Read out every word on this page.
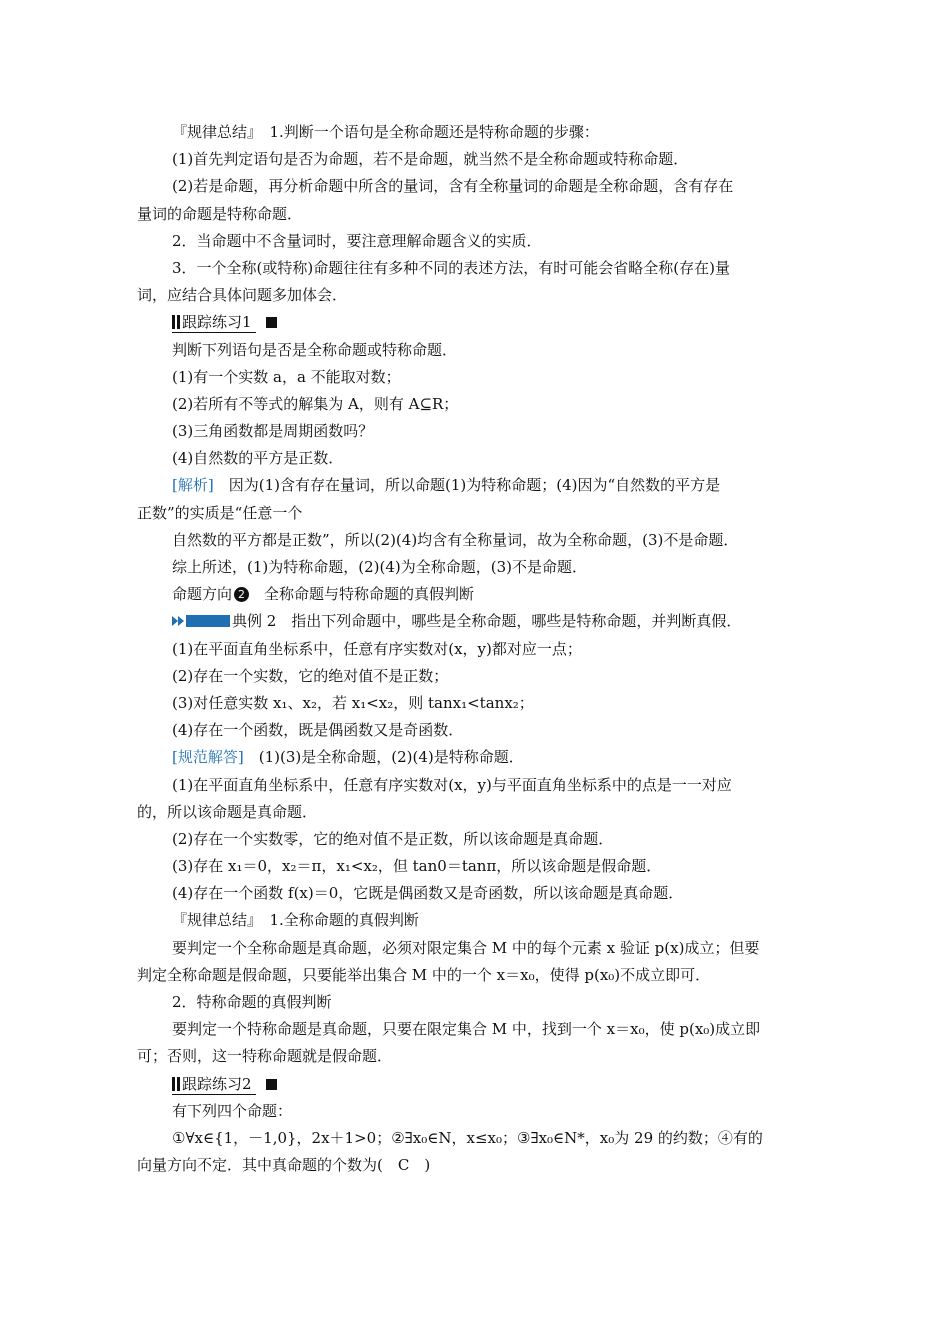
『规律总结』　1.判断一个语句是全称命题还是特称命题的步骤：
(1)首先判定语句是否为命题，若不是命题，就当然不是全称命题或特称命题．
(2)若是命题，再分析命题中所含的量词，含有全称量词的命题是全称命题，含有存在
量词的命题是特称命题．
2．当命题中不含量词时，要注意理解命题含义的实质．
3．一个全称(或特称)命题往往有多种不同的表述方法，有时可能会省略全称(存在)量
词，应结合具体问题多加体会．
跟踪练习1
判断下列语句是否是全称命题或特称命题．
(1)有一个实数 a，a 不能取对数；
(2)若所有不等式的解集为 A，则有 A⊆R；
(3)三角函数都是周期函数吗？
(4)自然数的平方是正数．
[解析]　因为(1)含有存在量词，所以命题(1)为特称命题；(4)因为“自然数的平方是
正数”的实质是“任意一个
自然数的平方都是正数”，所以(2)(4)均含有全称量词，故为全称命题，(3)不是命题．
综上所述，(1)为特称命题，(2)(4)为全称命题，(3)不是命题．
命题方向 2　全称命题与特称命题的真假判断
典例 2　指出下列命题中，哪些是全称命题，哪些是特称命题，并判断真假．
(1)在平面直角坐标系中，任意有序实数对(x，y)都对应一点；
(2)存在一个实数，它的绝对值不是正数；
(3)对任意实数 x₁、x₂，若 x₁<x₂，则 tanx₁<tanx₂；
(4)存在一个函数，既是偶函数又是奇函数．
[规范解答]　(1)(3)是全称命题，(2)(4)是特称命题．
(1)在平面直角坐标系中，任意有序实数对(x，y)与平面直角坐标系中的点是一一对应
的，所以该命题是真命题．
(2)存在一个实数零，它的绝对值不是正数，所以该命题是真命题．
(3)存在 x₁＝0，x₂＝π，x₁<x₂，但 tan0＝tanπ，所以该命题是假命题．
(4)存在一个函数 f(x)＝0，它既是偶函数又是奇函数，所以该命题是真命题．
『规律总结』　1.全称命题的真假判断
要判定一个全称命题是真命题，必须对限定集合 M 中的每个元素 x 验证 p(x)成立；但要
判定全称命题是假命题，只要能举出集合 M 中的一个 x＝x₀，使得 p(x₀)不成立即可．
2．特称命题的真假判断
要判定一个特称命题是真命题，只要在限定集合 M 中，找到一个 x＝x₀，使 p(x₀)成立即
可；否则，这一特称命题就是假命题．
跟踪练习2
有下列四个命题：
①∀x∈{1，－1,0}，2x＋1>0；②∃x₀∈N，x≤x₀；③∃x₀∈N*，x₀为 29 的约数；④有的
向量方向不定．其中真命题的个数为(　C　)
